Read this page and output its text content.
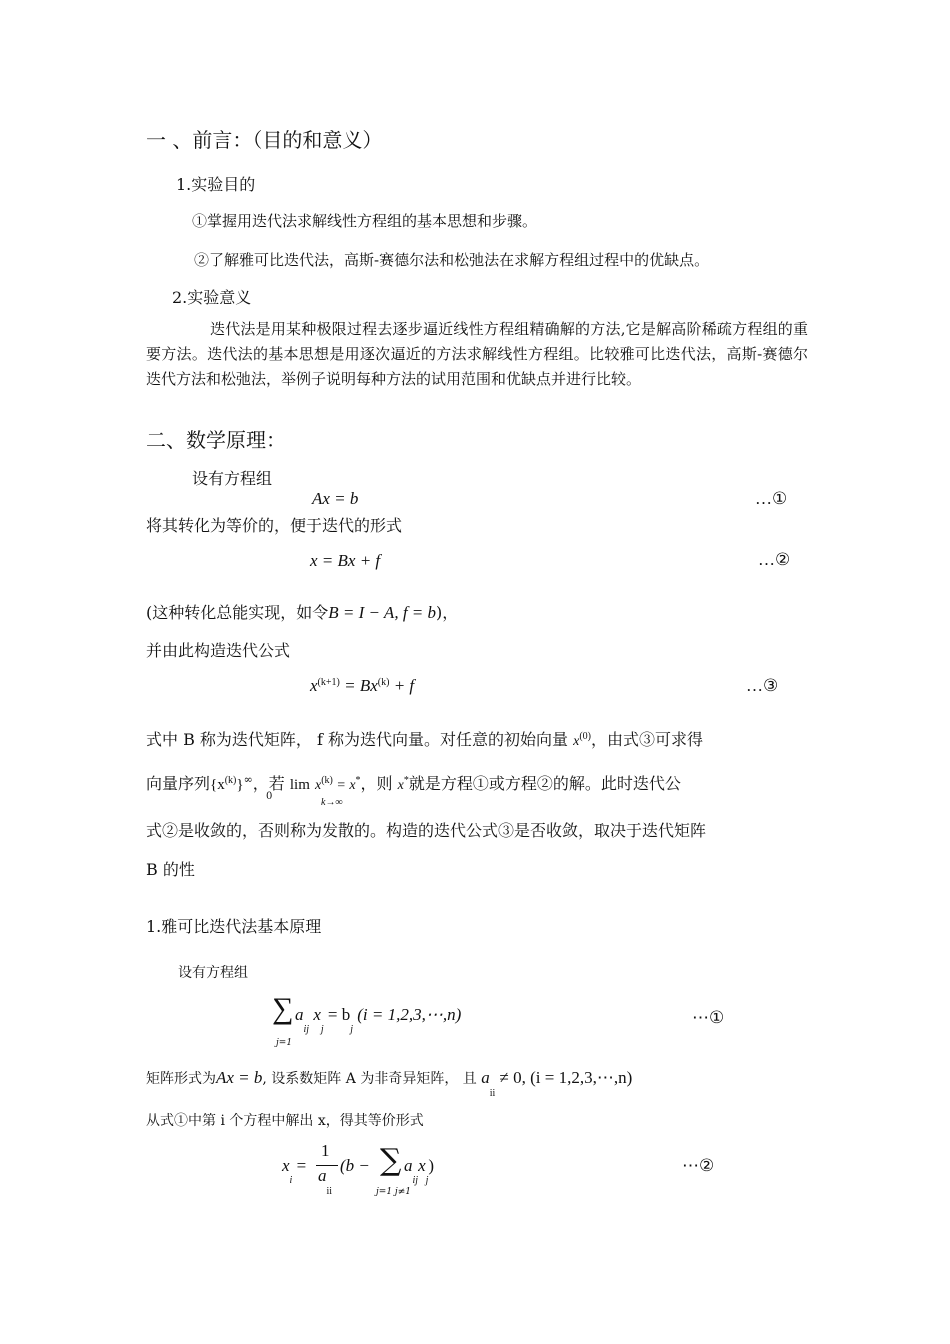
一 、前言：（目的和意义）
1.实验目的
①掌握用迭代法求解线性方程组的基本思想和步骤。
②了解雅可比迭代法，高斯-赛德尔法和松弛法在求解方程组过程中的优缺点。
2.实验意义
迭代法是用某种极限过程去逐步逼近线性方程组精确解的方法,它是解高阶稀疏方程组的重要方法。迭代法的基本思想是用逐次逼近的方法求解线性方程组。比较雅可比迭代法，高斯-赛德尔迭代方法和松弛法，举例子说明每种方法的试用范围和优缺点并进行比较。
二、数学原理：
设有方程组
Ax = b	…①
将其转化为等价的，便于迭代的形式
x = Bx + f	…②
(这种转化总能实现，如令B = I − A, f = b)，
并由此构造迭代公式
$x^{(k+1)} = Bx^{(k)} + f$	…③
式中 B 称为迭代矩阵， f 称为迭代向量。对任意的初始向量 $x^{(0)}$，由式③可求得
向量序列$\{x^{(k)}\}^\infty$，若 $\lim x^{(k)} = x^*$，则 x*就是方程①或方程②的解。此时迭代公
0
k→∞
式②是收敛的，否则称为发散的。构造的迭代公式③是否收敛，取决于迭代矩阵
B 的性
1.雅可比迭代法基本原理
设有方程组
∑
j=1
$a_{ij}$ $x_j = b_j$ (i = 1,2,3,⋯,n)	⋯①
矩阵形式为Ax = b, 设系数矩阵 A 为非奇异矩阵， 且 $a_{ii} \ne 0$, (i = 1,2,3,⋯,n)
从式①中第 i 个方程中解出 x，得其等价形式
$x_i$ =
1
$a_{ii}$
(b − ∑
j=1 j≠1
$a_{ij}x_j$)	⋯②
